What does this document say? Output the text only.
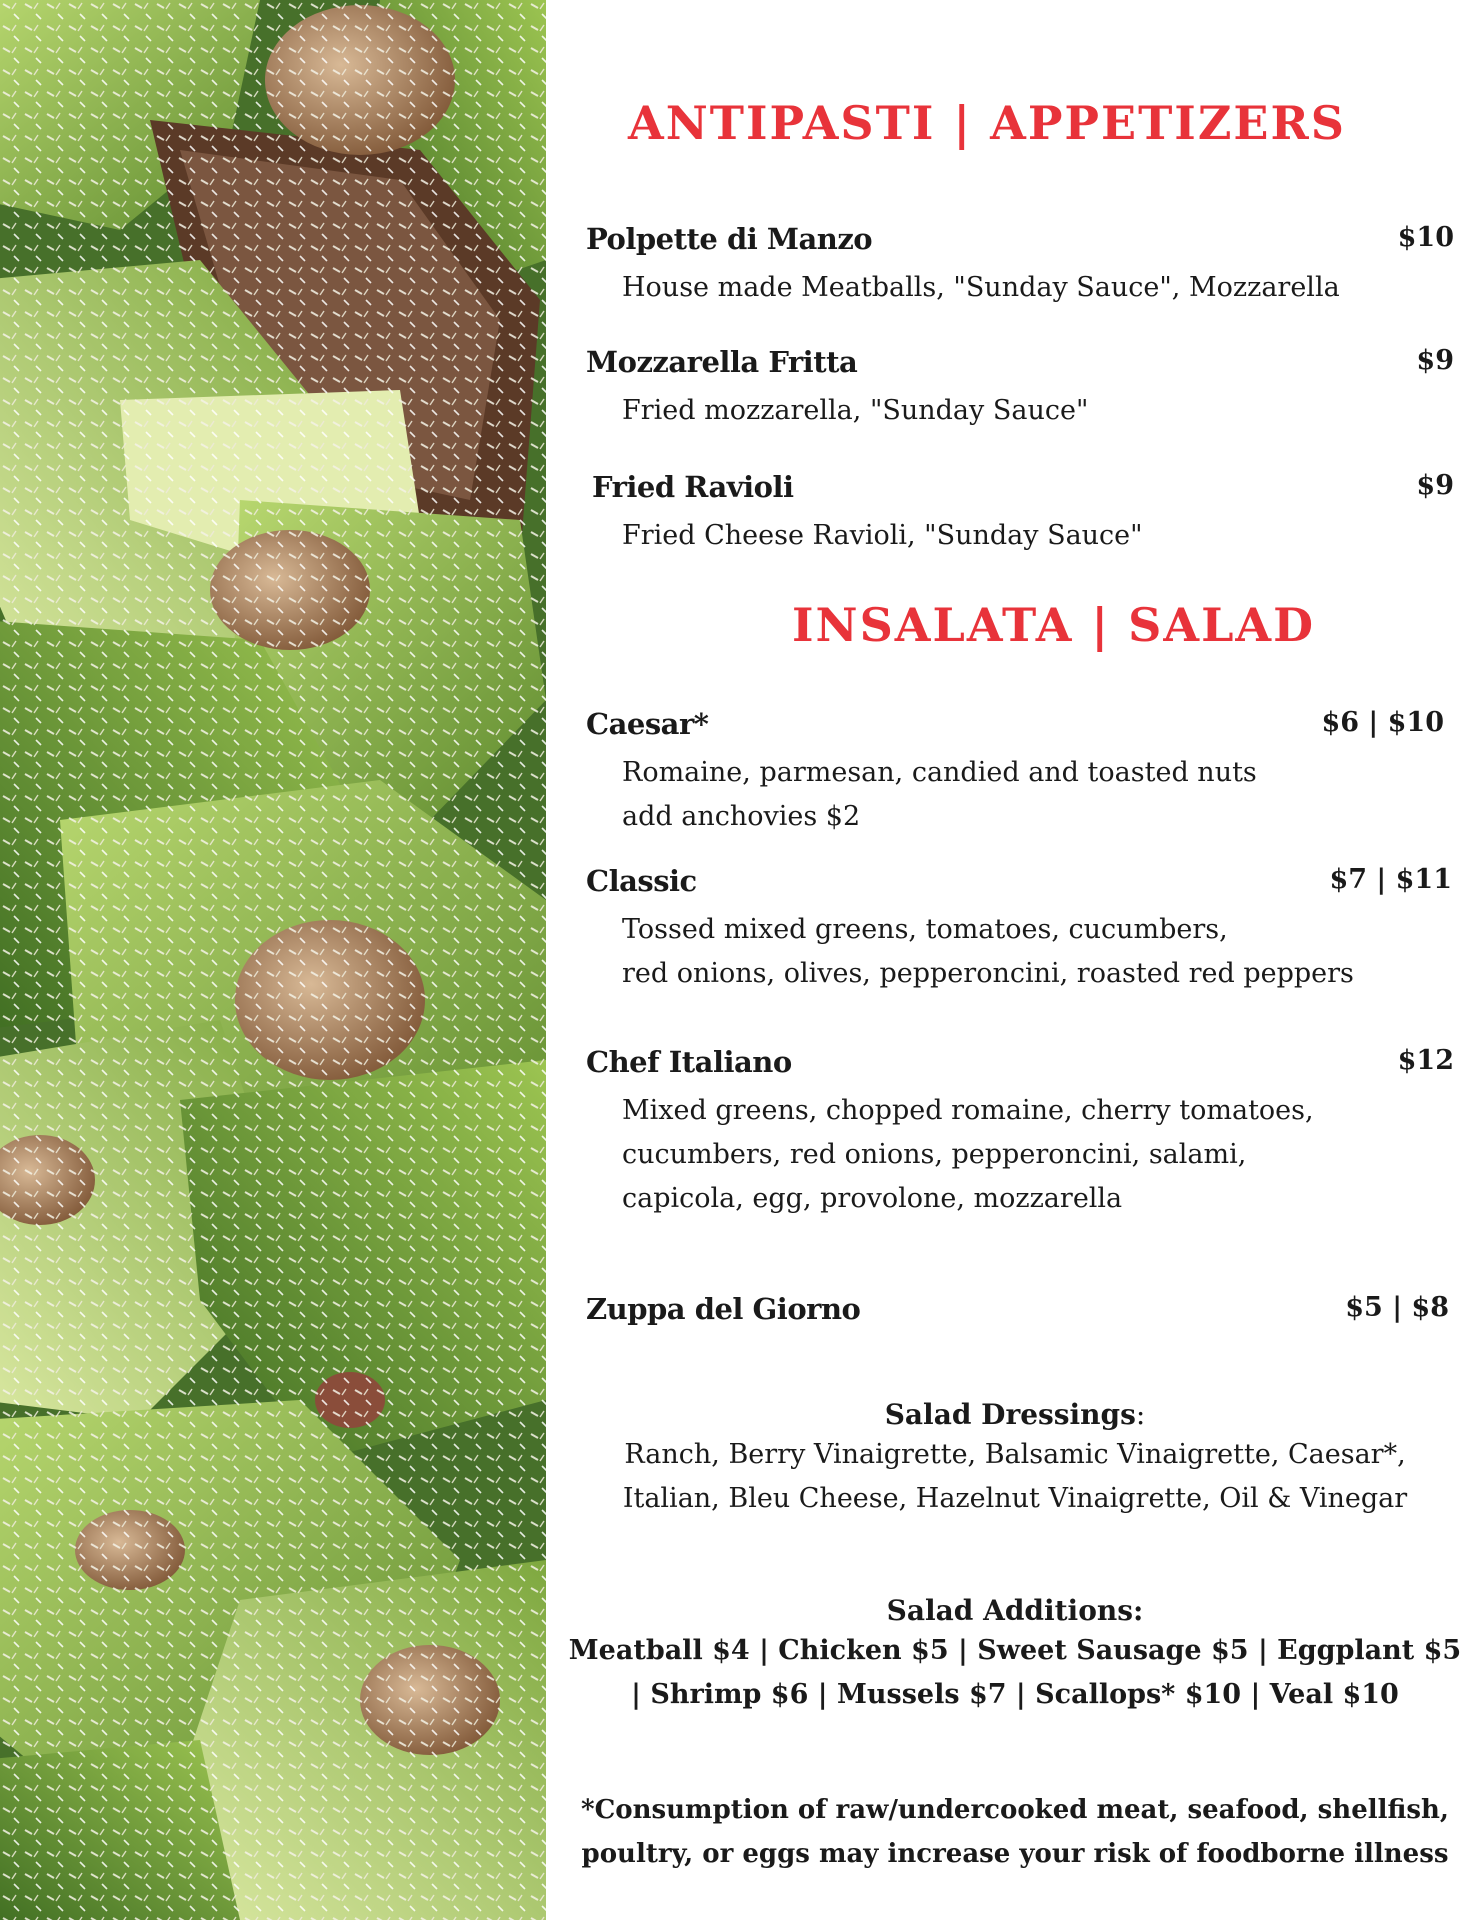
ANTIPASTI | APPETIZERS
Polpette di Manzo	$10
House made Meatballs, "Sunday Sauce", Mozzarella
Mozzarella Fritta	$9
Fried mozzarella, "Sunday Sauce"
Fried Ravioli	$9
Fried Cheese Ravioli, "Sunday Sauce"
INSALATA | SALAD
Caesar*	$6 | $10
Romaine, parmesan, candied and toasted nuts
add anchovies $2
Classic	$7 | $11
Tossed mixed greens, tomatoes, cucumbers,
red onions, olives, pepperoncini, roasted red peppers
Chef Italiano	$12
Mixed greens, chopped romaine, cherry tomatoes,
cucumbers, red onions, pepperoncini, salami,
capicola, egg, provolone, mozzarella
Zuppa del Giorno	$5 | $8
Salad Dressings:
Ranch, Berry Vinaigrette, Balsamic Vinaigrette, Caesar*,
Italian, Bleu Cheese, Hazelnut Vinaigrette, Oil & Vinegar
Salad Additions:
Meatball $4 | Chicken $5 | Sweet Sausage $5 | Eggplant $5
| Shrimp $6 | Mussels $7 | Scallops* $10 | Veal $10
*Consumption of raw/undercooked meat, seafood, shellfish,
poultry, or eggs may increase your risk of foodborne illness
